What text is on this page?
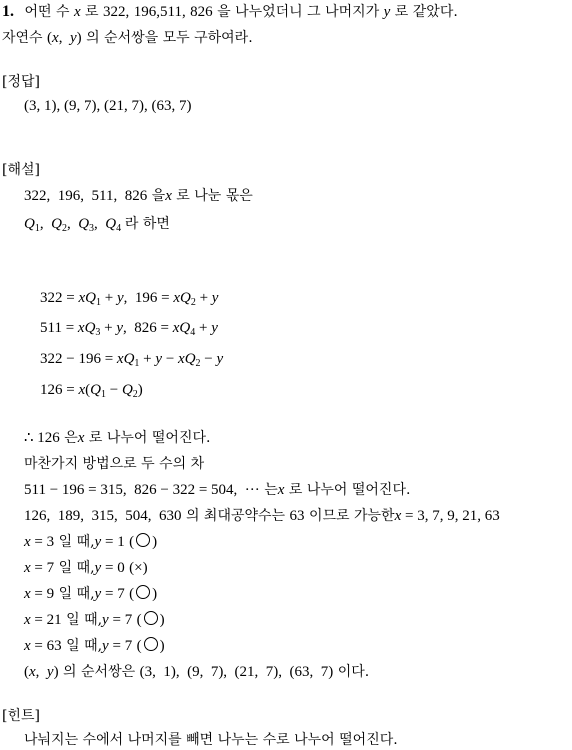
1. 어떤 수 x 로 322, 196,511, 826 을 나누었더니 그 나머지가 y 로 같았다.
자연수 (x,  y) 의 순서쌍을 모두 구하여라.
[정답]
(3, 1), (9, 7), (21, 7), (63, 7)
[해설]
322,  196,  511,  826 을x 로 나눈 몫은
$Q_1$,  $Q_2$,  $Q_3$,  $Q_4$ 라 하면
$322 = xQ_1 + y$,  $196 = xQ_2 + y$
$511 = xQ_3 + y$,  $826 = xQ_4 + y$
$322 - 196 = xQ_1 + y - xQ_2 - y$
$126 = x(Q_1 - Q_2)$
∴ 126 은x 로 나누어 떨어진다.
마찬가지 방법으로 두 수의 차
511 − 196 = 315,  826 − 322 = 504,  ··· 는x 로 나누어 떨어진다.
126,  189,  315,  504,  630 의 최대공약수는 63 이므로 가능한x = 3, 7, 9, 21, 63
x = 3 일 때,y = 1 ( ○ )
x = 7 일 때,y = 0 (×)
x = 9 일 때,y = 7 ( ○ )
x = 21 일 때,y = 7 ( ○ )
x = 63 일 때,y = 7 ( ○ )
(x,  y) 의 순서쌍은 (3,  1),  (9,  7),  (21,  7),  (63,  7) 이다.
[힌트]
나눠지는 수에서 나머지를 빼면 나누는 수로 나누어 떨어진다.
